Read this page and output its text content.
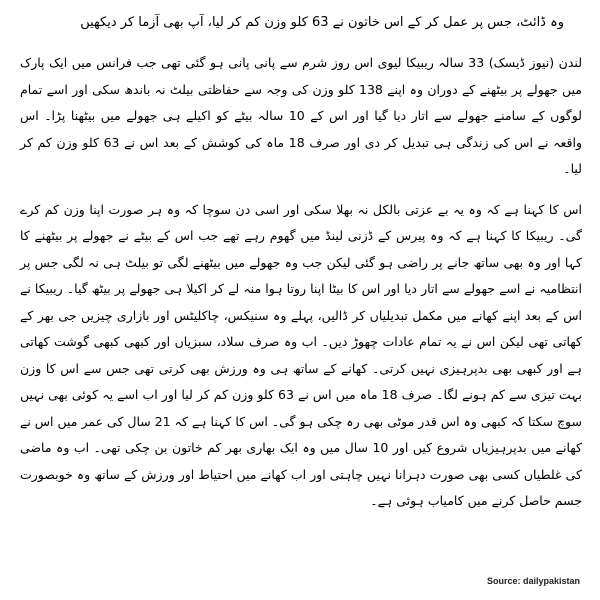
وہ ڈائٹ، جس پر عمل کر کے اس خاتون نے 63 کلو وزن کم کر لیا، آپ بھی آزما کر دیکھیں

لندن (نیوز ڈیسک) 33 سالہ ریبیکا لیوی اس روز شرم سے پانی پانی ہو گئی تھی جب فرانس میں ایک پارک میں جھولے پر بیٹھنے کے دوران وہ اپنے 138 کلو وزن کی وجہ سے حفاظتی بیلٹ نہ باندھ سکی اور اسے تمام لوگوں کے سامنے جھولے سے اتار دیا گیا اور اس کے 10 سالہ بیٹے کو اکیلے ہی جھولے میں بیٹھنا پڑا۔ اس واقعہ نے اس کی زندگی ہی تبدیل کر دی اور صرف 18 ماہ کی کوشش کے بعد اس نے 63 کلو وزن کم کر لیا۔

اس کا کہنا ہے کہ وہ یہ بے عزتی بالکل نہ بھلا سکی اور اسی دن سوچا کہ وہ ہر صورت اپنا وزن کم کرے گی۔ ریبیکا کا کہنا ہے کہ وہ پیرس کے ڈزنی لینڈ میں گھوم رہے تھے جب اس کے بیٹے نے جھولے پر بیٹھنے کا کہا اور وہ بھی ساتھ جانے پر راضی ہو گئی لیکن جب وہ جھولے میں بیٹھنے لگی تو بیلٹ ہی نہ لگی جس پر انتظامیہ نے اسے جھولے سے اتار دیا اور اس کا بیٹا اپنا روتا ہوا منہ لے کر اکیلا ہی جھولے پر بیٹھ گیا۔ ریبیکا نے اس کے بعد اپنے کھانے میں مکمل تبدیلیاں کر ڈالیں، پہلے وہ سنیکس، چاکلیٹس اور بازاری چیزیں جی بھر کے کھاتی تھی لیکن اس نے یہ تمام عادات چھوڑ دیں۔ اب وہ صرف سلاد، سبزیاں اور کبھی کبھی گوشت کھاتی ہے اور کبھی بھی بدپرہیزی نہیں کرتی۔ کھانے کے ساتھ ہی وہ ورزش بھی کرتی تھی جس سے اس کا وزن بہت تیزی سے کم ہونے لگا۔ صرف 18 ماہ میں اس نے 63 کلو وزن کم کر لیا اور اب اسے یہ کوئی بھی نہیں سوچ سکتا کہ کبھی وہ اس قدر موٹی بھی رہ چکی ہو گی۔ اس کا کہنا ہے کہ 21 سال کی عمر میں اس نے کھانے میں بدپرہیزیاں شروع کیں اور 10 سال میں وہ ایک بھاری بھر کم خاتون بن چکی تھی۔ اب وہ ماضی کی غلطیاں کسی بھی صورت دہرانا نہیں چاہتی اور اب کھانے میں احتیاط اور ورزش کے ساتھ وہ خوبصورت جسم حاصل کرنے میں کامیاب ہوئی ہے۔

Source: dailypakistan
